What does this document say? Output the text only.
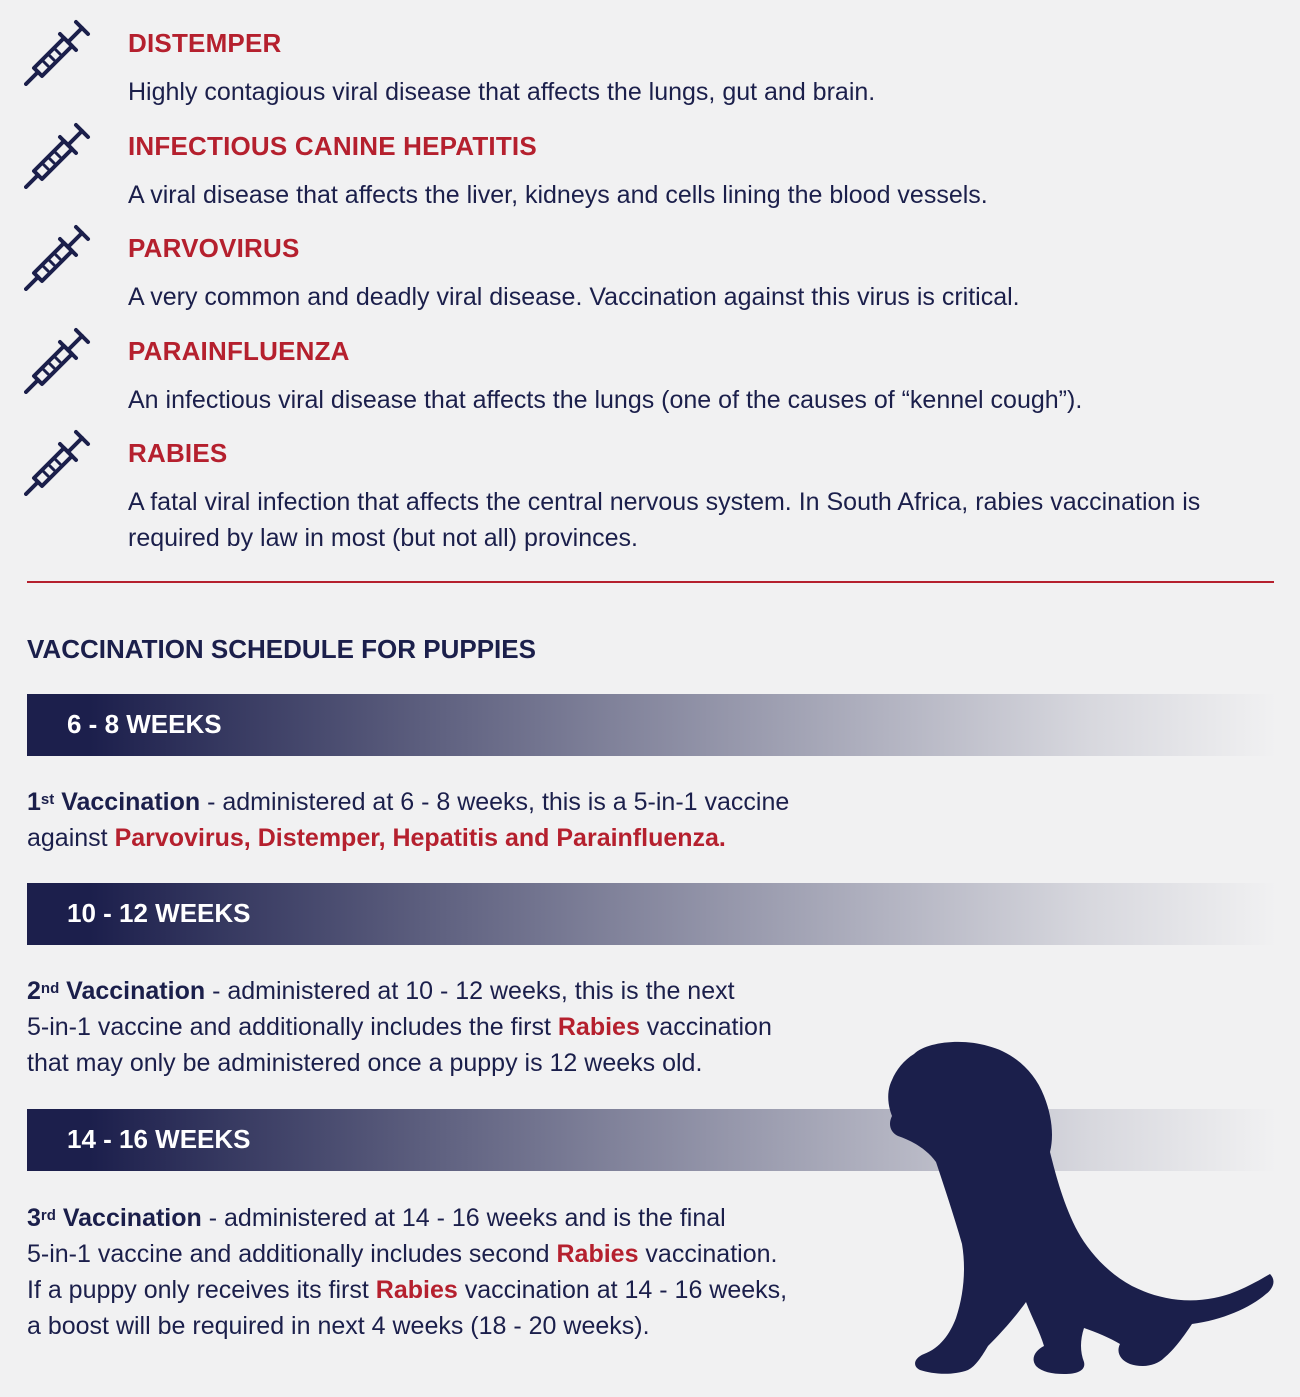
DISTEMPER
Highly contagious viral disease that affects the lungs, gut and brain.
INFECTIOUS CANINE HEPATITIS
A viral disease that affects the liver, kidneys and cells lining the blood vessels.
PARVOVIRUS
A very common and deadly viral disease. Vaccination against this virus is critical.
PARAINFLUENZA
An infectious viral disease that affects the lungs (one of the causes of “kennel cough”).
RABIES
A fatal viral infection that affects the central nervous system. In South Africa, rabies vaccination is required by law in most (but not all) provinces.
VACCINATION SCHEDULE FOR PUPPIES
6 - 8 WEEKS
1st Vaccination - administered at 6 - 8 weeks, this is a 5-in-1 vaccine
against Parvovirus, Distemper, Hepatitis and Parainfluenza.
10 - 12 WEEKS
2nd Vaccination - administered at 10 - 12 weeks, this is the next
5-in-1 vaccine and additionally includes the first Rabies vaccination
that may only be administered once a puppy is 12 weeks old.
14 - 16 WEEKS
3rd Vaccination - administered at 14 - 16 weeks and is the final
5-in-1 vaccine and additionally includes second Rabies vaccination.
If a puppy only receives its first Rabies vaccination at 14 - 16 weeks,
a boost will be required in next 4 weeks (18 - 20 weeks).
